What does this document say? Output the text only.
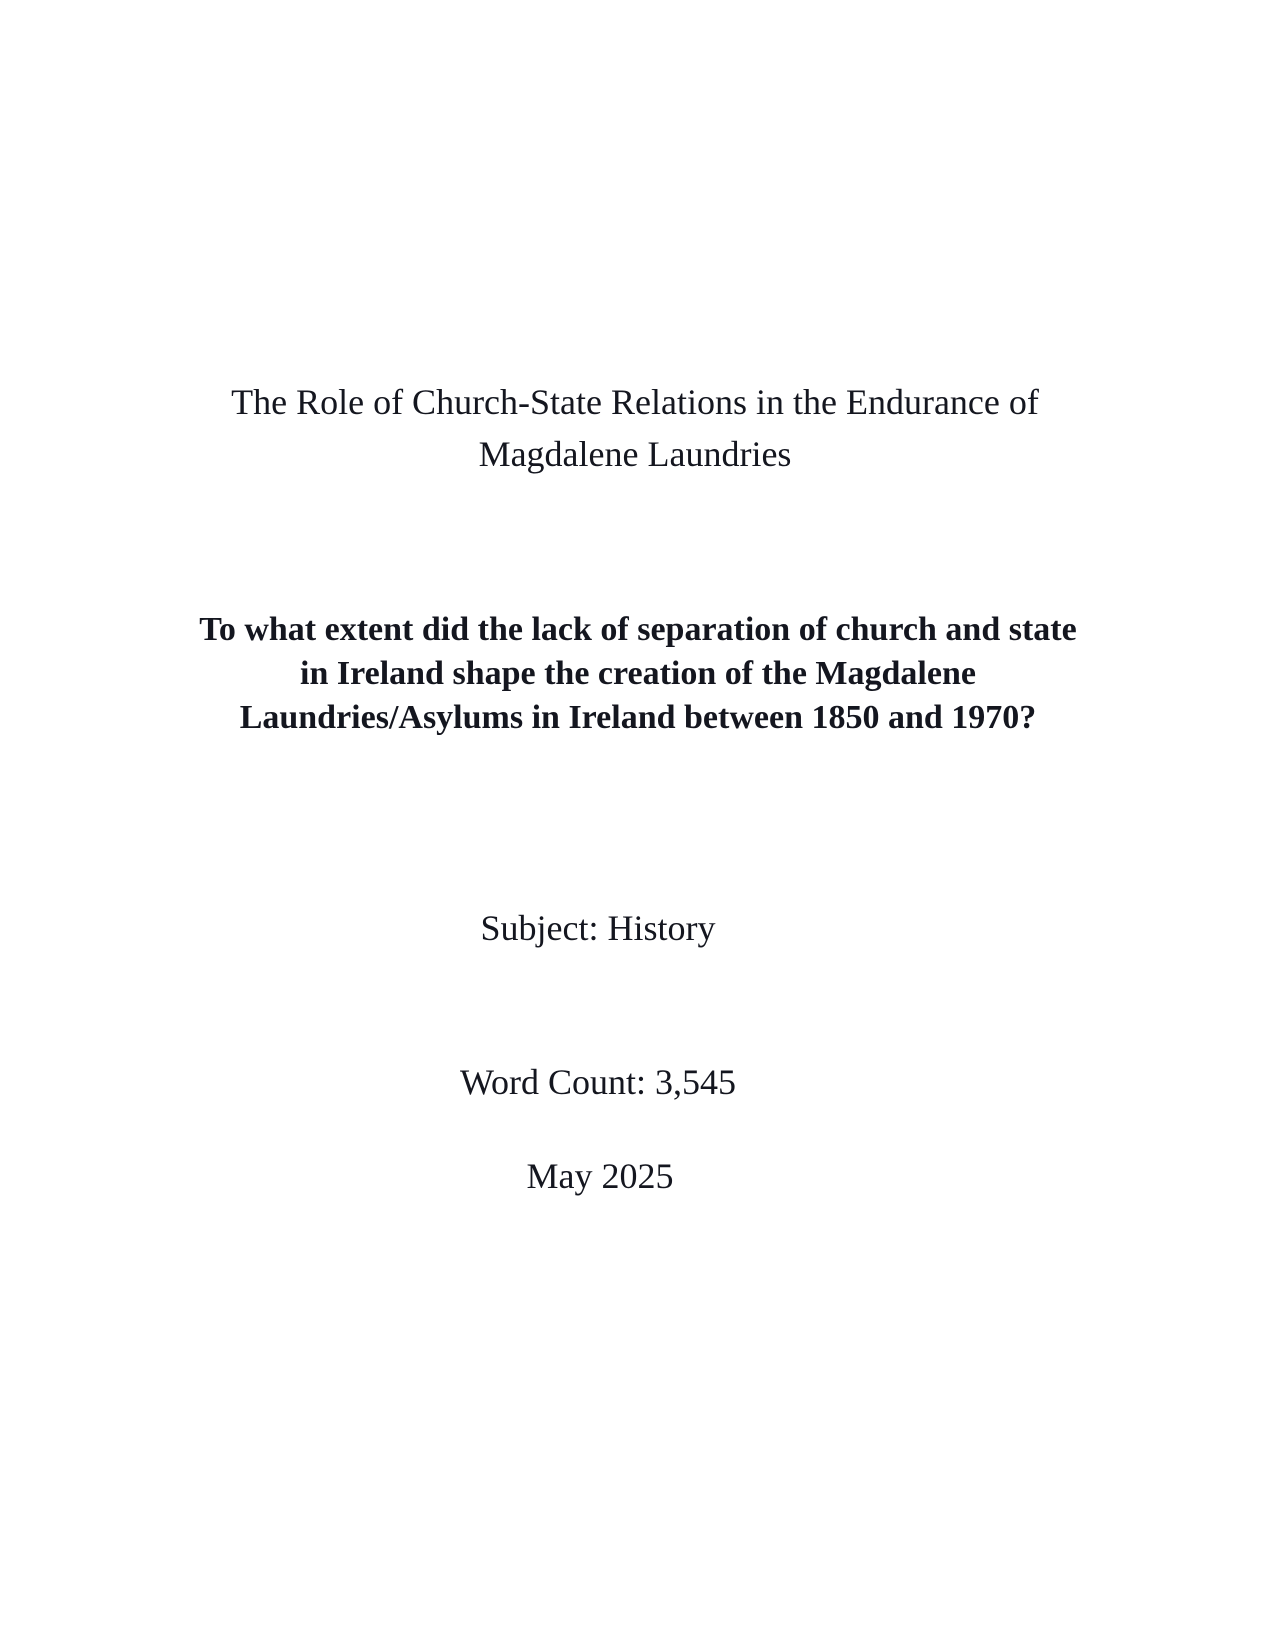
The Role of Church-State Relations in the Endurance of
Magdalene Laundries
To what extent did the lack of separation of church and state
in Ireland shape the creation of the Magdalene
Laundries/Asylums in Ireland between 1850 and 1970?
Subject: History
Word Count: 3,545
May 2025
